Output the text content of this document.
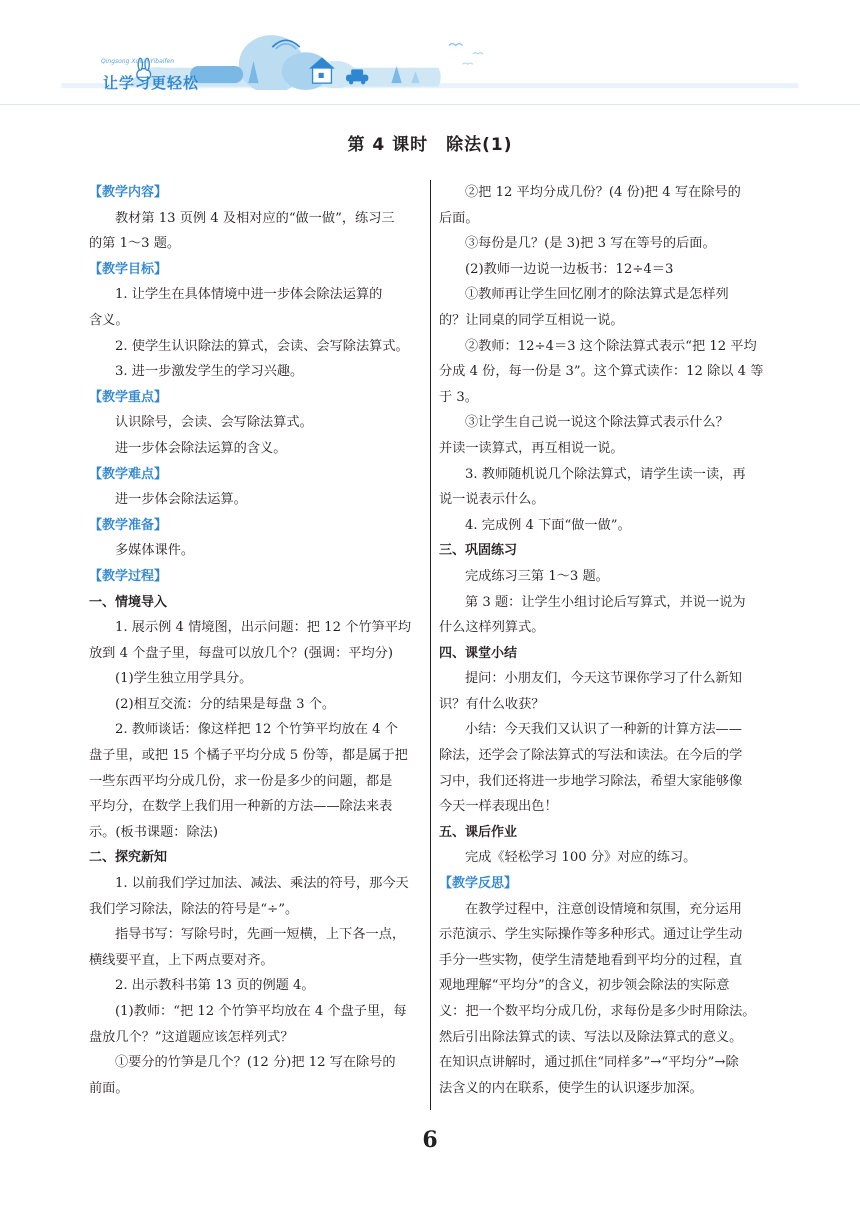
Qingsong Xuexi Yibaifen
让学习更轻松
第 4 课时　除法(1)
【教学内容】
教材第 13 页例 4 及相对应的“做一做”，练习三
的第 1～3 题。
【教学目标】
1. 让学生在具体情境中进一步体会除法运算的
含义。
2. 使学生认识除法的算式，会读、会写除法算式。
3. 进一步激发学生的学习兴趣。
【教学重点】
认识除号，会读、会写除法算式。
进一步体会除法运算的含义。
【教学难点】
进一步体会除法运算。
【教学准备】
多媒体课件。
【教学过程】
一、情境导入
1. 展示例 4 情境图，出示问题：把 12 个竹笋平均
放到 4 个盘子里，每盘可以放几个？(强调：平均分)
(1)学生独立用学具分。
(2)相互交流：分的结果是每盘 3 个。
2. 教师谈话：像这样把 12 个竹笋平均放在 4 个
盘子里，或把 15 个橘子平均分成 5 份等，都是属于把
一些东西平均分成几份，求一份是多少的问题，都是
平均分，在数学上我们用一种新的方法——除法来表
示。(板书课题：除法)
二、探究新知
1. 以前我们学过加法、减法、乘法的符号，那今天
我们学习除法，除法的符号是“÷”。
指导书写：写除号时，先画一短横，上下各一点，
横线要平直，上下两点要对齐。
2. 出示教科书第 13 页的例题 4。
(1)教师：“把 12 个竹笋平均放在 4 个盘子里，每
盘放几个？”这道题应该怎样列式？
①要分的竹笋是几个？(12 分)把 12 写在除号的
前面。
②把 12 平均分成几份？(4 份)把 4 写在除号的
后面。
③每份是几？(是 3)把 3 写在等号的后面。
(2)教师一边说一边板书：12÷4＝3
①教师再让学生回忆刚才的除法算式是怎样列
的？让同桌的同学互相说一说。
②教师：12÷4＝3 这个除法算式表示“把 12 平均
分成 4 份，每一份是 3”。这个算式读作：12 除以 4 等
于 3。
③让学生自己说一说这个除法算式表示什么？
并读一读算式，再互相说一说。
3. 教师随机说几个除法算式，请学生读一读，再
说一说表示什么。
4. 完成例 4 下面“做一做”。
三、巩固练习
完成练习三第 1～3 题。
第 3 题：让学生小组讨论后写算式，并说一说为
什么这样列算式。
四、课堂小结
提问：小朋友们，今天这节课你学习了什么新知
识？有什么收获？
小结：今天我们又认识了一种新的计算方法——
除法，还学会了除法算式的写法和读法。在今后的学
习中，我们还将进一步地学习除法，希望大家能够像
今天一样表现出色！
五、课后作业
完成《轻松学习 100 分》对应的练习。
【教学反思】
在教学过程中，注意创设情境和氛围，充分运用
示范演示、学生实际操作等多种形式。通过让学生动
手分一些实物，使学生清楚地看到平均分的过程，直
观地理解“平均分”的含义，初步领会除法的实际意
义：把一个数平均分成几份，求每份是多少时用除法。
然后引出除法算式的读、写法以及除法算式的意义。
在知识点讲解时，通过抓住“同样多”→“平均分”→除
法含义的内在联系，使学生的认识逐步加深。
6
